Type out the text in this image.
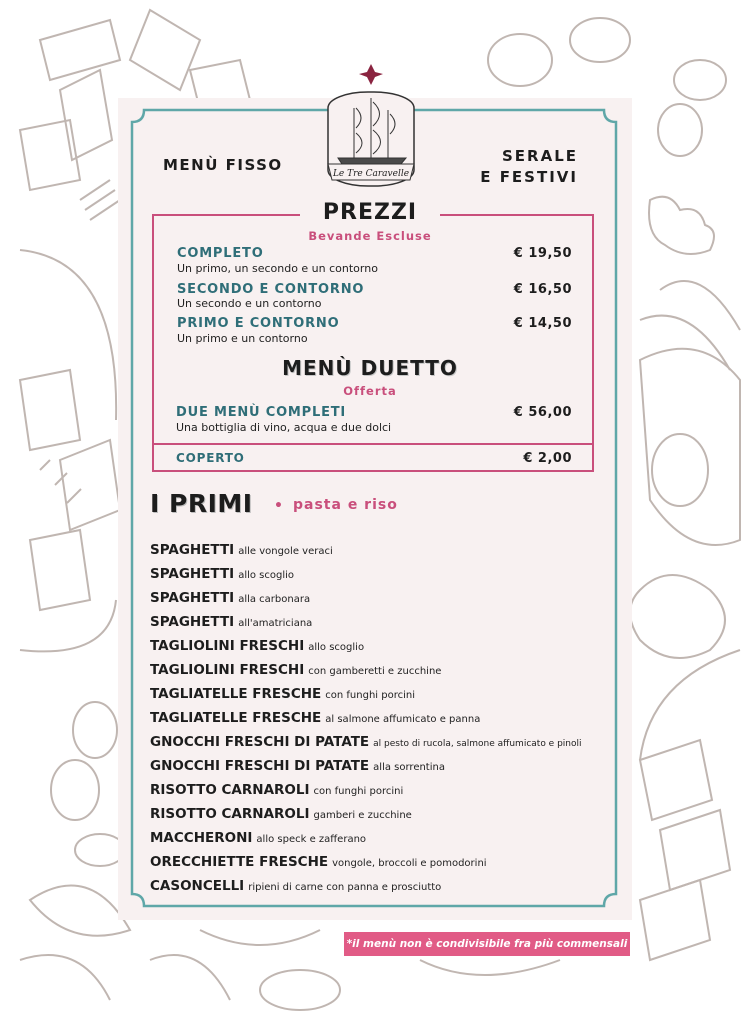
Le Tre Caravelle
MENÙ FISSO	SERALE
E FESTIVI
PREZZI
Bevande Escluse
COMPLETO
Un primo, un secondo e un contorno
€ 19,50
SECONDO E CONTORNO
Un secondo e un contorno
€ 16,50
PRIMO E CONTORNO
Un primo e un contorno
€ 14,50
MENÙ DUETTO
Offerta
DUE MENÙ COMPLETI
Una bottiglia di vino, acqua e due dolci
€ 56,00
COPERTO	€ 2,00
I PRIMI • pasta e riso
SPAGHETTI alle vongole veraci
SPAGHETTI allo scoglio
SPAGHETTI alla carbonara
SPAGHETTI all'amatriciana
TAGLIOLINI FRESCHI allo scoglio
TAGLIOLINI FRESCHI con gamberetti e zucchine
TAGLIATELLE FRESCHE con funghi porcini
TAGLIATELLE FRESCHE al salmone affumicato e panna
GNOCCHI FRESCHI DI PATATE al pesto di rucola, salmone affumicato e pinoli
GNOCCHI FRESCHI DI PATATE alla sorrentina
RISOTTO CARNAROLI con funghi porcini
RISOTTO CARNAROLI gamberi e zucchine
MACCHERONI allo speck e zafferano
ORECCHIETTE FRESCHE vongole, broccoli e pomodorini
CASONCELLI ripieni di carne con panna e prosciutto
*il menù non è condivisibile fra più commensali
